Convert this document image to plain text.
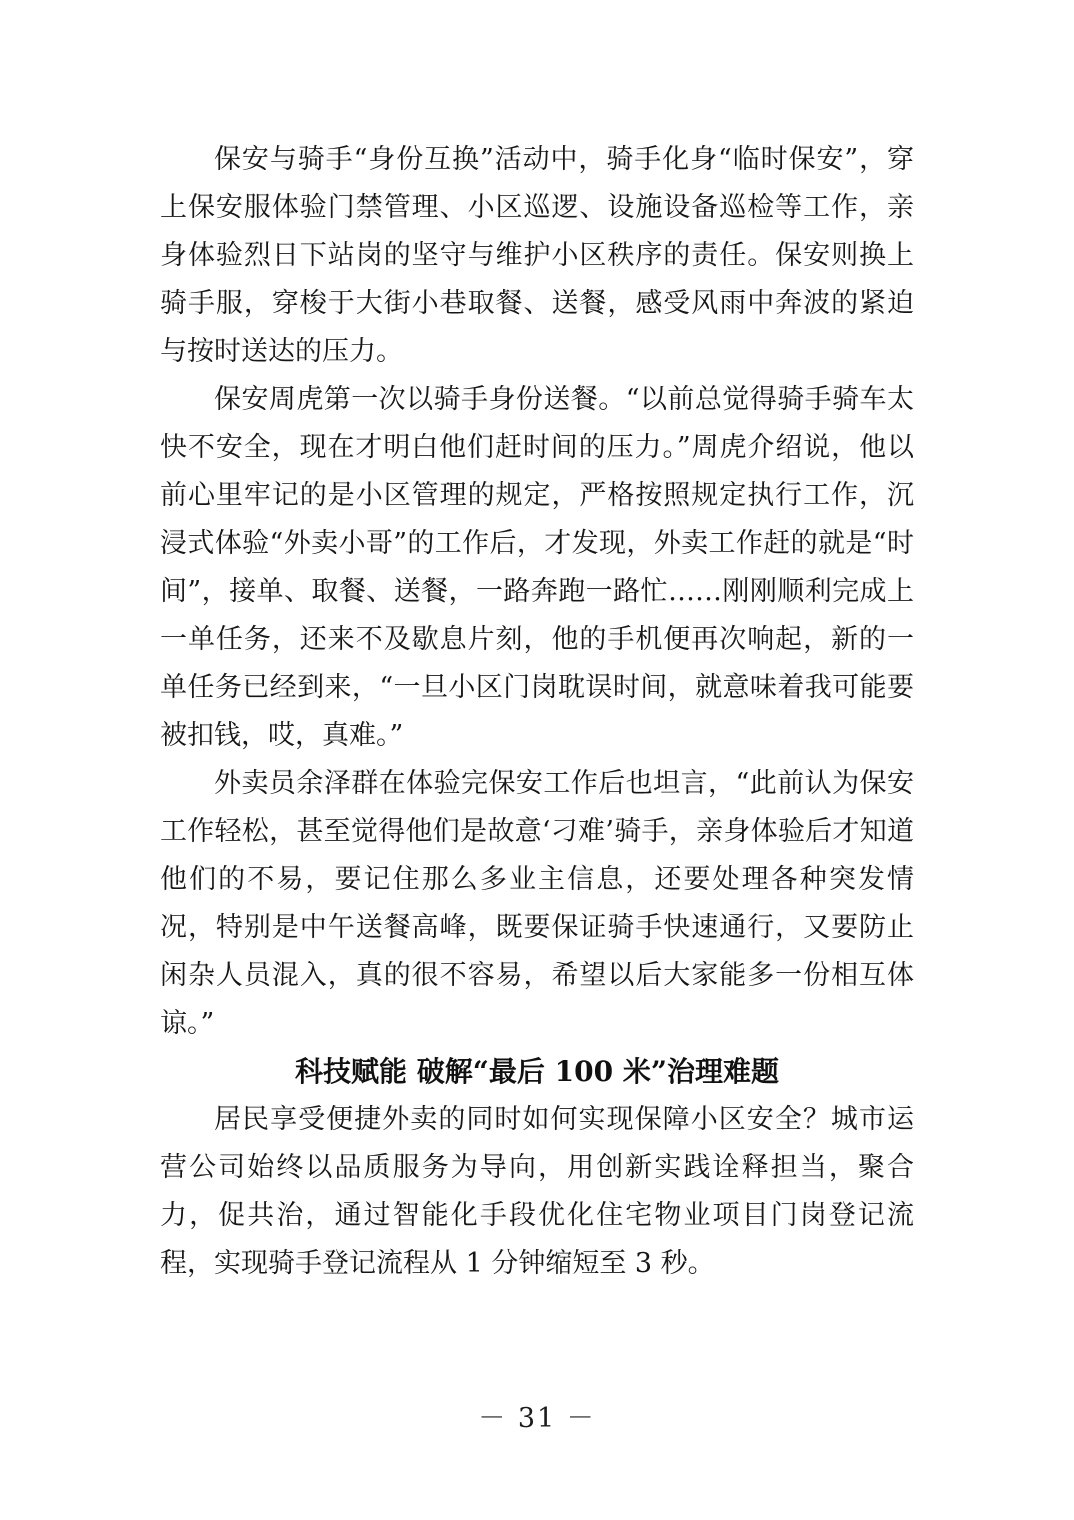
保安与骑手“身份互换”活动中，骑手化身“临时保安”，穿上保安服体验门禁管理、小区巡逻、设施设备巡检等工作，亲身体验烈日下站岗的坚守与维护小区秩序的责任。保安则换上骑手服，穿梭于大街小巷取餐、送餐，感受风雨中奔波的紧迫与按时送达的压力。

保安周虎第一次以骑手身份送餐。“以前总觉得骑手骑车太快不安全，现在才明白他们赶时间的压力。”周虎介绍说，他以前心里牢记的是小区管理的规定，严格按照规定执行工作，沉浸式体验“外卖小哥”的工作后，才发现，外卖工作赶的就是“时间”，接单、取餐、送餐，一路奔跑一路忙……刚刚顺利完成上一单任务，还来不及歇息片刻，他的手机便再次响起，新的一单任务已经到来，“一旦小区门岗耽误时间，就意味着我可能要被扣钱，哎，真难。”

外卖员余泽群在体验完保安工作后也坦言，“此前认为保安工作轻松，甚至觉得他们是故意‘刁难’骑手，亲身体验后才知道他们的不易，要记住那么多业主信息，还要处理各种突发情况，特别是中午送餐高峰，既要保证骑手快速通行，又要防止闲杂人员混入，真的很不容易，希望以后大家能多一份相互体谅。”

科技赋能 破解“最后 100 米”治理难题

居民享受便捷外卖的同时如何实现保障小区安全？城市运营公司始终以品质服务为导向，用创新实践诠释担当，聚合力，促共治，通过智能化手段优化住宅物业项目门岗登记流程，实现骑手登记流程从 1 分钟缩短至 3 秒。

－ 31 －
